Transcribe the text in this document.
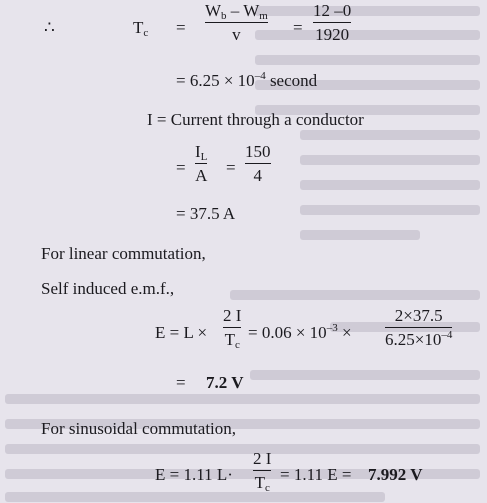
∴	$T_c$ =
$W_b - W_m$
v	=
12 –0
1920
= $6.25 \times 10^{-4}$ second
I = Current through a conductor
=
$I_L$
A =
150
4
= 37.5 A
For linear commutation,
Self induced e.m.f.,
E = L ×
2 I
$T_c$
= $0.06 \times 10^{-3}$ ×
2×37.5
$6.25\times 10^{-4}$
= 7.2 V
For sinusoidal commutation,
E = 1.11 L·
2 I
$T_c$
= 1.11 E = 7.992 V
